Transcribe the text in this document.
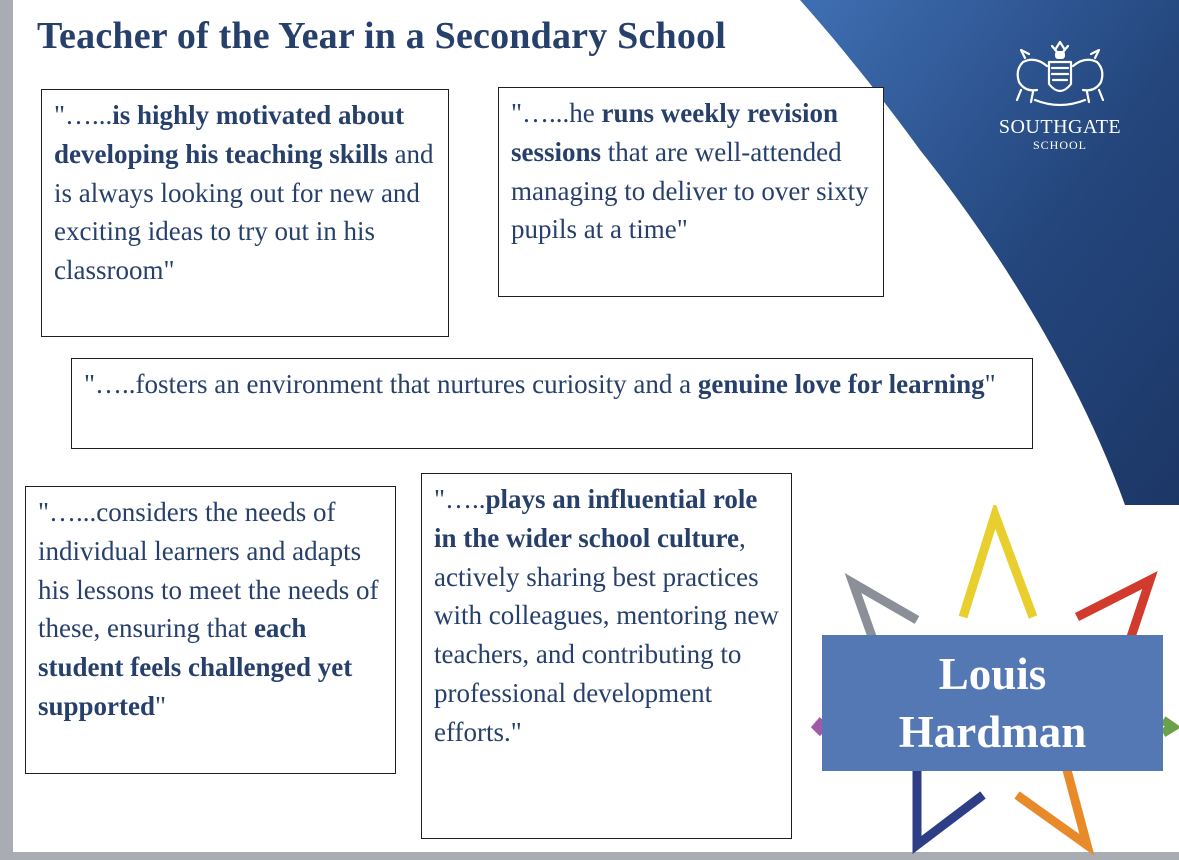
Teacher of the Year in a Secondary School
SOUTHGATE
SCHOOL
"…...is highly motivated about developing his teaching skills and is always looking out for new and exciting ideas to try out in his classroom"
"…...he runs weekly revision sessions that are well-attended managing to deliver to over sixty pupils at a time"
"…..fosters an environment that nurtures curiosity and a genuine love for learning"
"…...considers the needs of individual learners and adapts his lessons to meet the needs of these, ensuring that each student feels challenged yet supported"
"…..plays an influential role in the wider school culture, actively sharing best practices with colleagues, mentoring new teachers, and contributing to professional development efforts."
Louis
Hardman
